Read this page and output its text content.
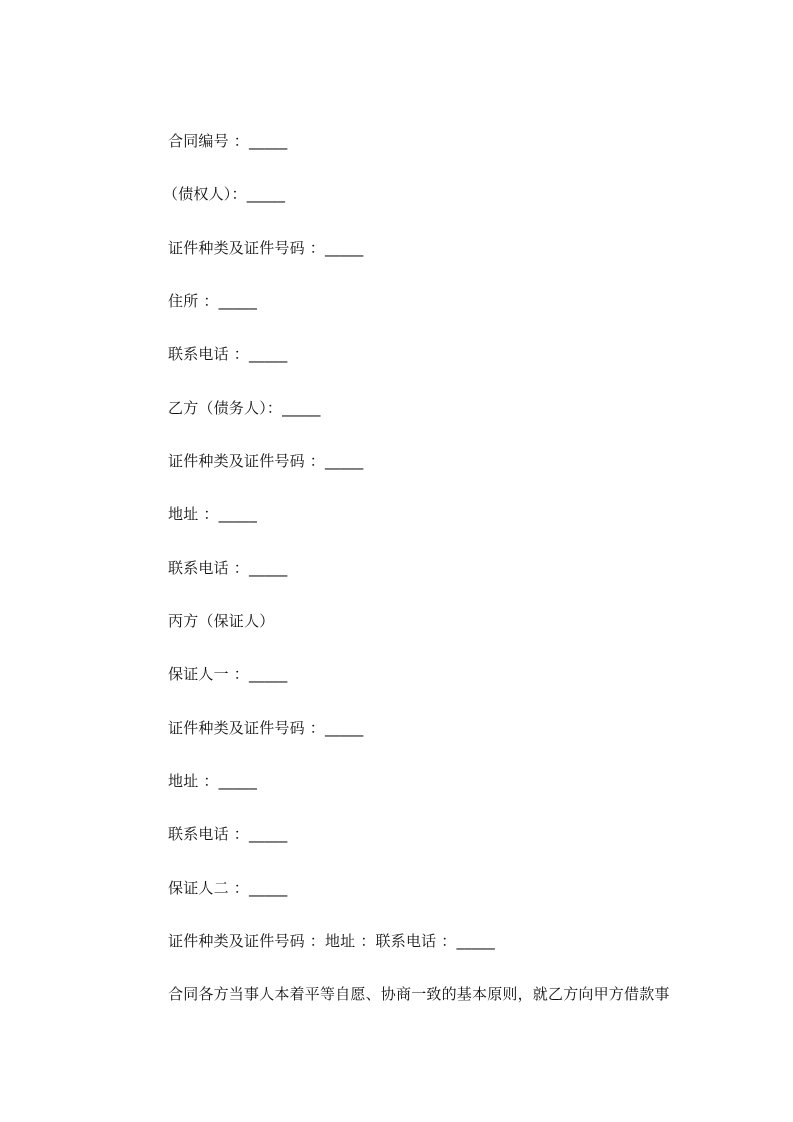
合同编号 ：_____
（债权人）：_____
证件种类及证件号码 ：_____
住所 ：_____
联系电话 ：_____
乙方（债务人）：_____
证件种类及证件号码 ：_____
地址 ：_____
联系电话 ：_____
丙方（保证人）
保证人一 ：_____
证件种类及证件号码 ：_____
地址 ：_____
联系电话 ：_____
保证人二 ：_____
证件种类及证件号码 ：地址 ：联系电话 ：_____
合同各方当事人本着平等自愿、协商一致的基本原则，就乙方向甲方借款事
